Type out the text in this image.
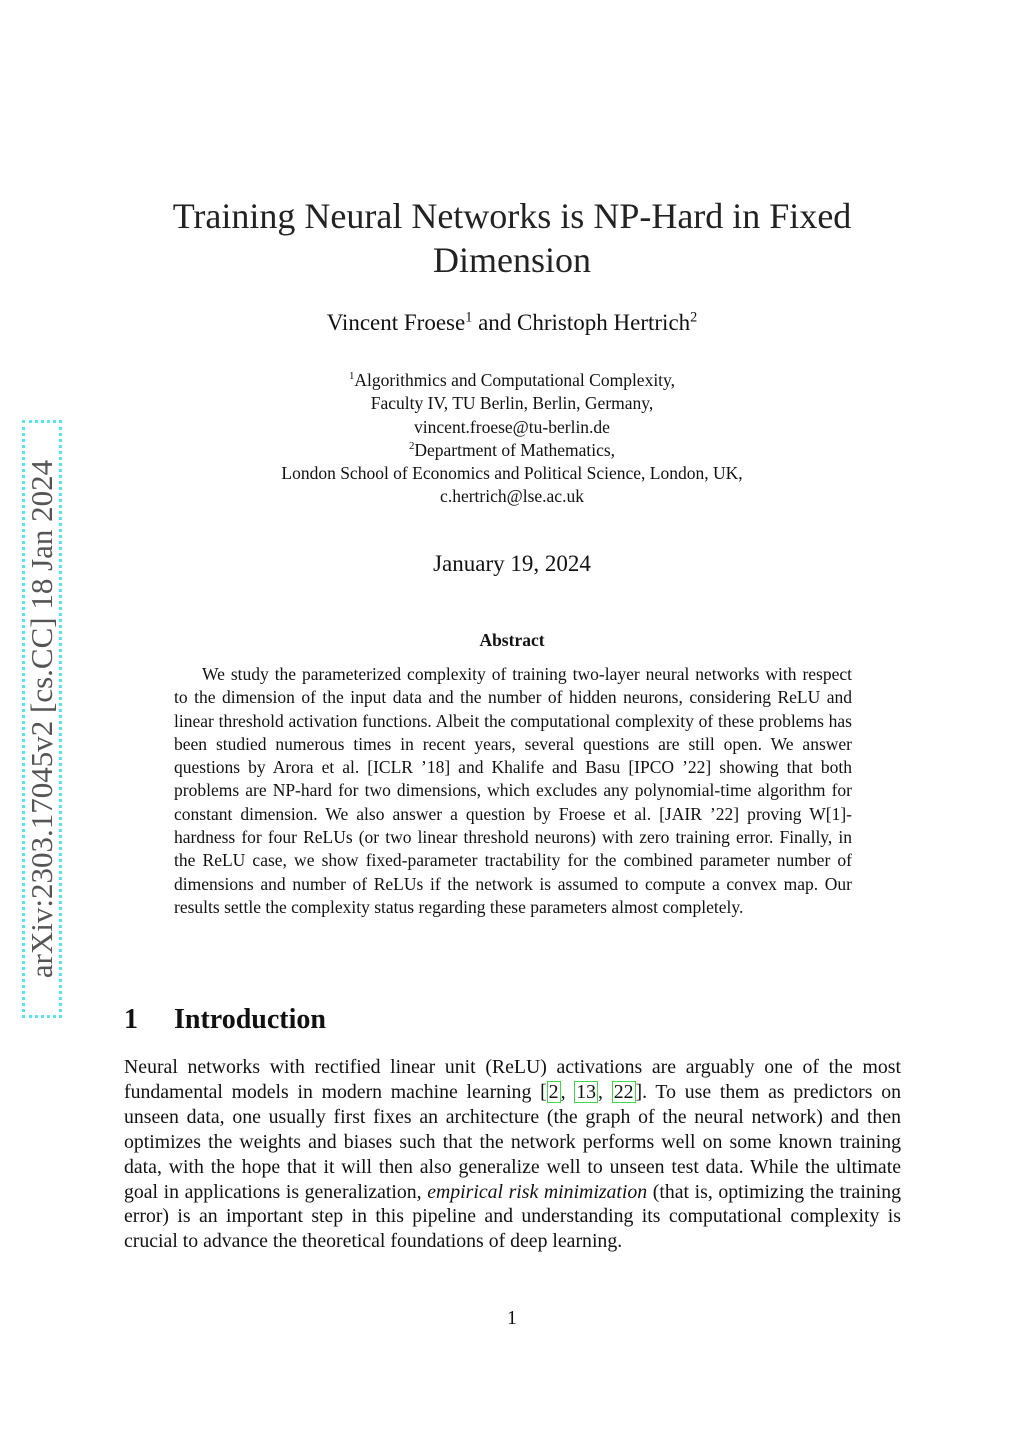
arXiv:2303.17045v2 [cs.CC] 18 Jan 2024
Training Neural Networks is NP-Hard in Fixed Dimension
Vincent Froese$^1$ and Christoph Hertrich$^2$
$^1$Algorithmics and Computational Complexity,
Faculty IV, TU Berlin, Berlin, Germany,
vincent.froese@tu-berlin.de
$^2$Department of Mathematics,
London School of Economics and Political Science, London, UK,
c.hertrich@lse.ac.uk
January 19, 2024
Abstract

We study the parameterized complexity of training two-layer neural networks with respect to the dimension of the input data and the number of hidden neurons, considering ReLU and linear threshold activation functions. Albeit the computational complexity of these problems has been studied numerous times in recent years, several questions are still open. We answer questions by Arora et al. [ICLR ’18] and Khalife and Basu [IPCO ’22] showing that both problems are NP-hard for two dimensions, which excludes any polynomial-time algorithm for constant dimension. We also answer a question by Froese et al. [JAIR ’22] proving W[1]-hardness for four ReLUs (or two linear threshold neurons) with zero training error. Finally, in the ReLU case, we show fixed-parameter tractability for the combined parameter number of dimensions and number of ReLUs if the network is assumed to compute a convex map. Our results settle the complexity status regarding these parameters almost completely.

1 Introduction

Neural networks with rectified linear unit (ReLU) activations are arguably one of the most fundamental models in modern machine learning [ 2 , 13 , 22 ]. To use them as predictors on unseen data, one usually first fixes an architecture (the graph of the neural network) and then optimizes the weights and biases such that the network performs well on some known training data, with the hope that it will then also generalize well to unseen test data. While the ultimate goal in applications is generalization, empirical risk minimization (that is, optimizing the training error) is an important step in this pipeline and understanding its computational complexity is crucial to advance the theoretical foundations of deep learning.

1
